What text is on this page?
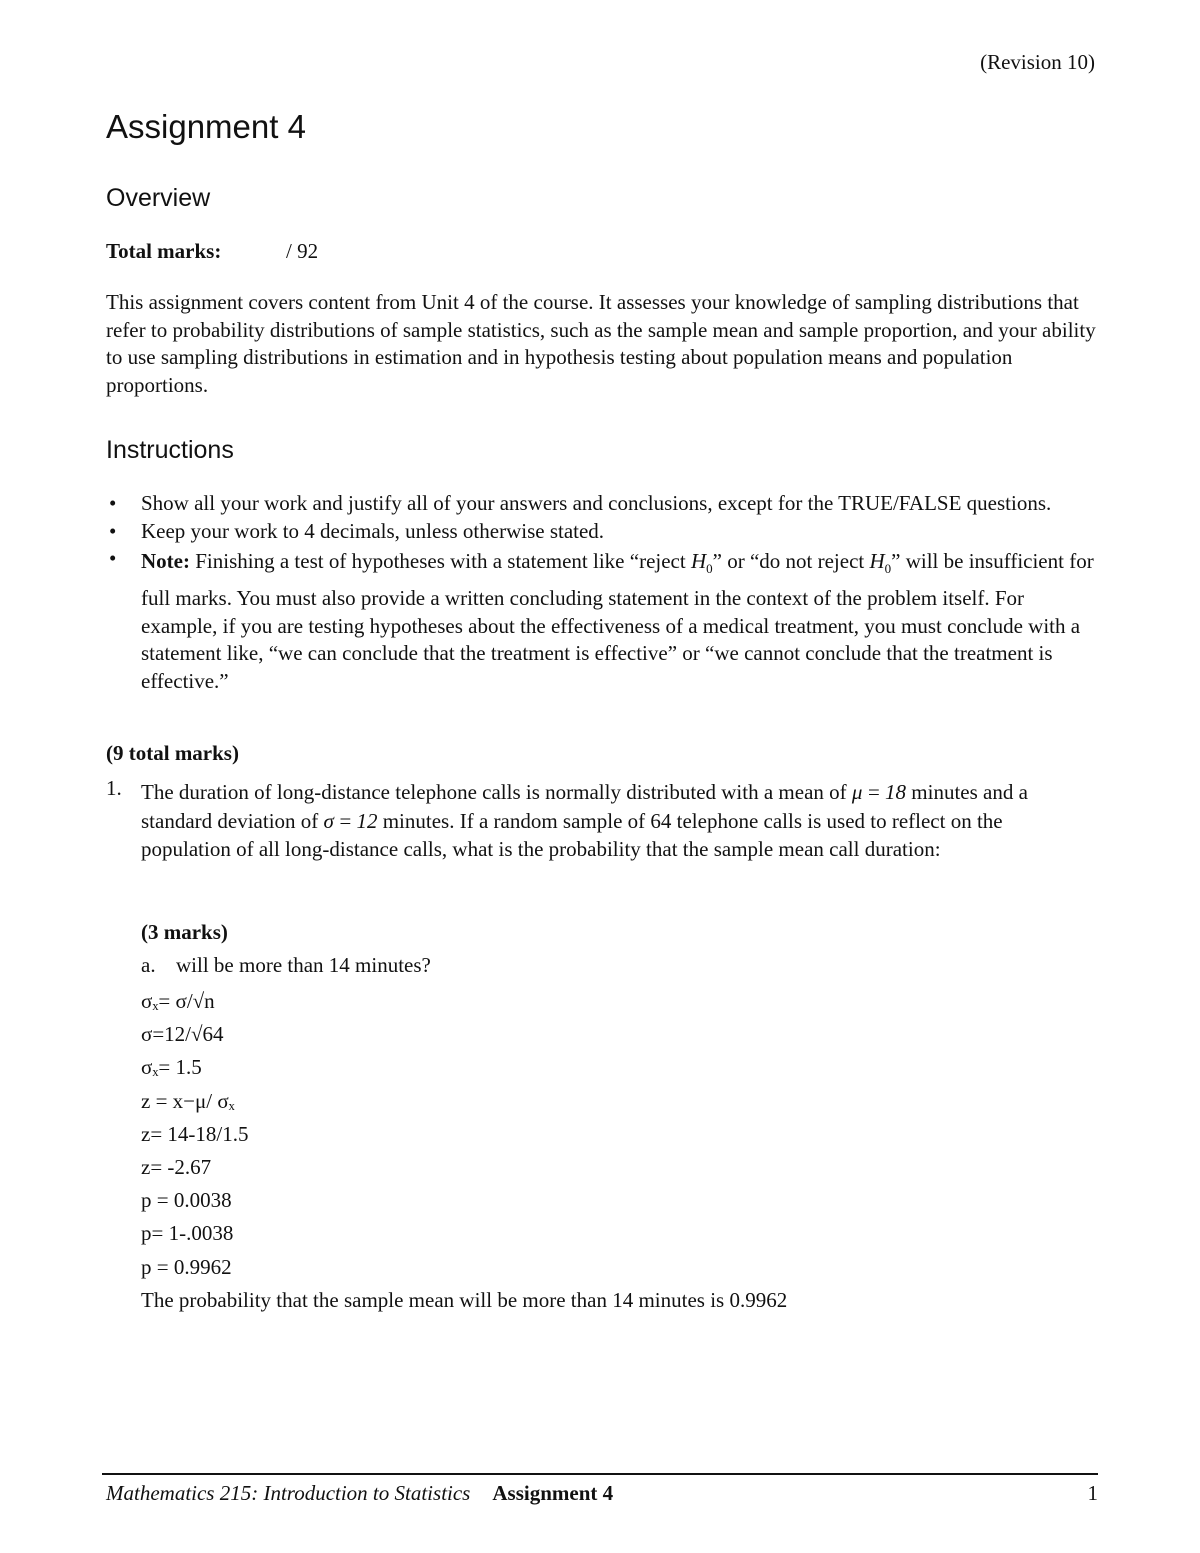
(Revision 10)
Assignment 4
Overview
Total marks:	/ 92

This assignment covers content from Unit 4 of the course. It assesses your knowledge of sampling distributions that refer to probability distributions of sample statistics, such as the sample mean and sample proportion, and your ability to use sampling distributions in estimation and in hypothesis testing about population means and population proportions.

Instructions
• Show all your work and justify all of your answers and conclusions, except for the TRUE/FALSE questions.
• Keep your work to 4 decimals, unless otherwise stated.
• Note: Finishing a test of hypotheses with a statement like “reject $H_0$” or “do not reject $H_0$” will be insufficient for full marks. You must also provide a written concluding statement in the context of the problem itself. For example, if you are testing hypotheses about the effectiveness of a medical treatment, you must conclude with a statement like, “we can conclude that the treatment is effective” or “we cannot conclude that the treatment is effective.”
(9 total marks)
1. The duration of long-distance telephone calls is normally distributed with a mean of μ = 18 minutes and a standard deviation of σ = 12 minutes. If a random sample of 64 telephone calls is used to reflect on the population of all long-distance calls, what is the probability that the sample mean call duration:
(3 marks)
a. will be more than 14 minutes?
σₓ= σ/√n
σ=12/√64
σₓ= 1.5
z = x−μ/ σₓ
z= 14-18/1.5
z= -2.67
p = 0.0038
p= 1-.0038
p = 0.9962
The probability that the sample mean will be more than 14 minutes is 0.9962
Mathematics 215: Introduction to Statistics Assignment 4	1
